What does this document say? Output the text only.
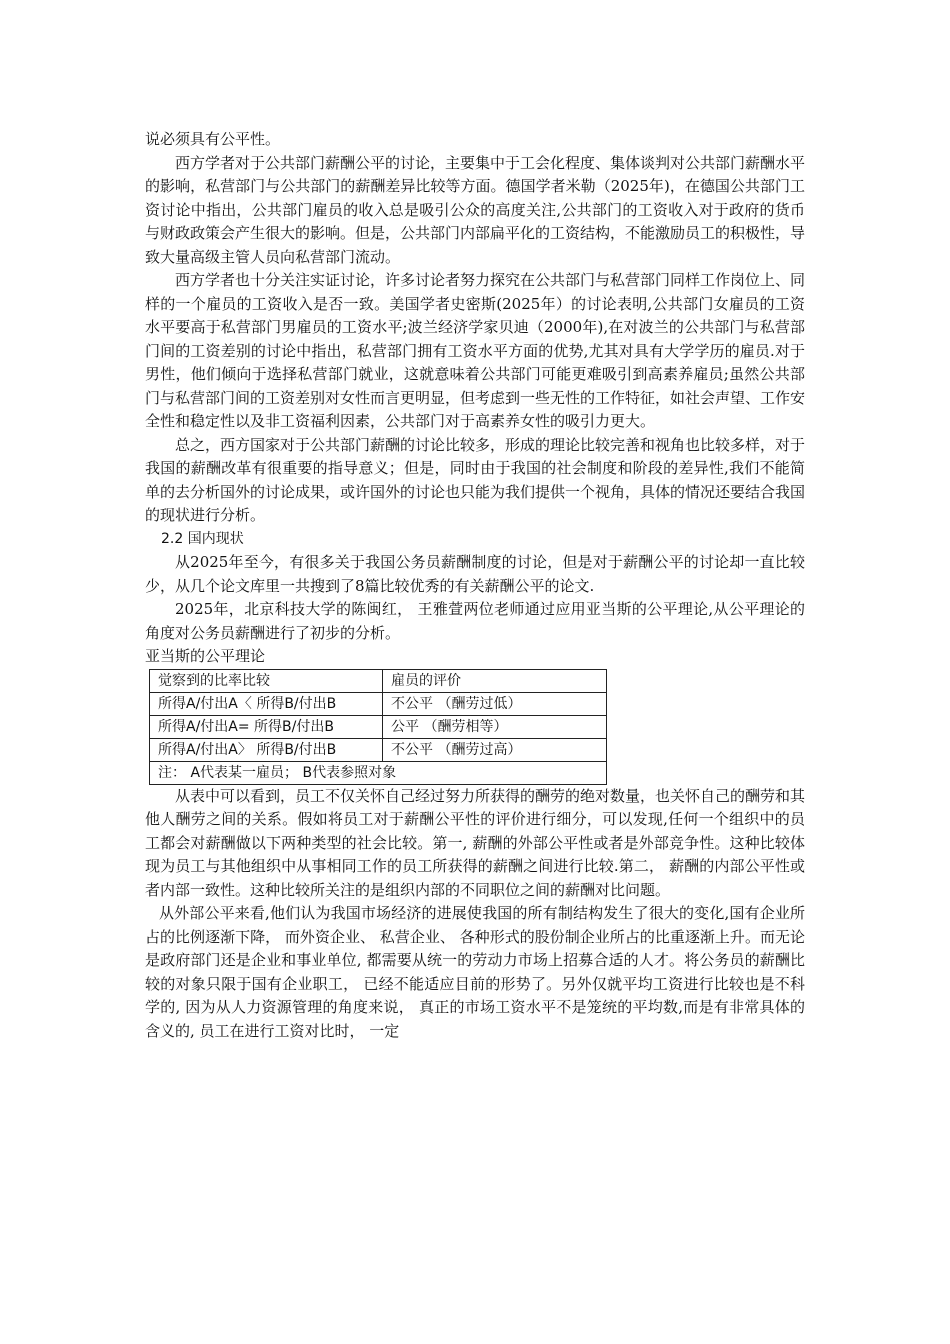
说必须具有公平性。

西方学者对于公共部门薪酬公平的讨论，主要集中于工会化程度、集体谈判对公共部门薪酬水平的影响，私营部门与公共部门的薪酬差异比较等方面。德国学者米勒（2025年)，在德国公共部门工资讨论中指出，公共部门雇员的收入总是吸引公众的高度关注,公共部门的工资收入对于政府的货币与财政政策会产生很大的影响。但是，公共部门内部扁平化的工资结构，不能激励员工的积极性，导致大量高级主管人员向私营部门流动。

西方学者也十分关注实证讨论，许多讨论者努力探究在公共部门与私营部门同样工作岗位上、同样的一个雇员的工资收入是否一致。美国学者史密斯(2025年）的讨论表明,公共部门女雇员的工资水平要高于私营部门男雇员的工资水平;波兰经济学家贝迪（2000年),在对波兰的公共部门与私营部门间的工资差别的讨论中指出，私营部门拥有工资水平方面的优势,尤其对具有大学学历的雇员.对于男性，他们倾向于选择私营部门就业，这就意味着公共部门可能更难吸引到高素养雇员;虽然公共部门与私营部门间的工资差别对女性而言更明显，但考虑到一些无性的工作特征，如社会声望、工作安全性和稳定性以及非工资福利因素，公共部门对于高素养女性的吸引力更大。

总之，西方国家对于公共部门薪酬的讨论比较多，形成的理论比较完善和视角也比较多样，对于我国的薪酬改革有很重要的指导意义；但是，同时由于我国的社会制度和阶段的差异性,我们不能简单的去分析国外的讨论成果，或许国外的讨论也只能为我们提供一个视角，具体的情况还要结合我国的现状进行分析。

2.2 国内现状

从2025年至今，有很多关于我国公务员薪酬制度的讨论，但是对于薪酬公平的讨论却一直比较少，从几个论文库里一共搜到了8篇比较优秀的有关薪酬公平的论文.

2025年，北京科技大学的陈闽红， 王雅萱两位老师通过应用亚当斯的公平理论,从公平理论的角度对公务员薪酬进行了初步的分析。

亚当斯的公平理论

觉察到的比率比较	雇员的评价
所得A/付出A〈 所得B/付出B	不公平 （酬劳过低）
所得A/付出A= 所得B/付出B	公平 （酬劳相等）
所得A/付出A〉 所得B/付出B	不公平 （酬劳过高）
注： A代表某一雇员； B代表参照对象	

从表中可以看到，员工不仅关怀自己经过努力所获得的酬劳的绝对数量，也关怀自己的酬劳和其他人酬劳之间的关系。假如将员工对于薪酬公平性的评价进行细分，可以发现,任何一个组织中的员工都会对薪酬做以下两种类型的社会比较。第一, 薪酬的外部公平性或者是外部竞争性。这种比较体现为员工与其他组织中从事相同工作的员工所获得的薪酬之间进行比较.第二， 薪酬的内部公平性或者内部一致性。这种比较所关注的是组织内部的不同职位之间的薪酬对比问题。

从外部公平来看,他们认为我国市场经济的进展使我国的所有制结构发生了很大的变化,国有企业所占的比例逐渐下降， 而外资企业、 私营企业、 各种形式的股份制企业所占的比重逐渐上升。而无论是政府部门还是企业和事业单位, 都需要从统一的劳动力市场上招募合适的人才。将公务员的薪酬比较的对象只限于国有企业职工， 已经不能适应目前的形势了。另外仅就平均工资进行比较也是不科学的, 因为从人力资源管理的角度来说， 真正的市场工资水平不是笼统的平均数,而是有非常具体的含义的, 员工在进行工资对比时， 一定
